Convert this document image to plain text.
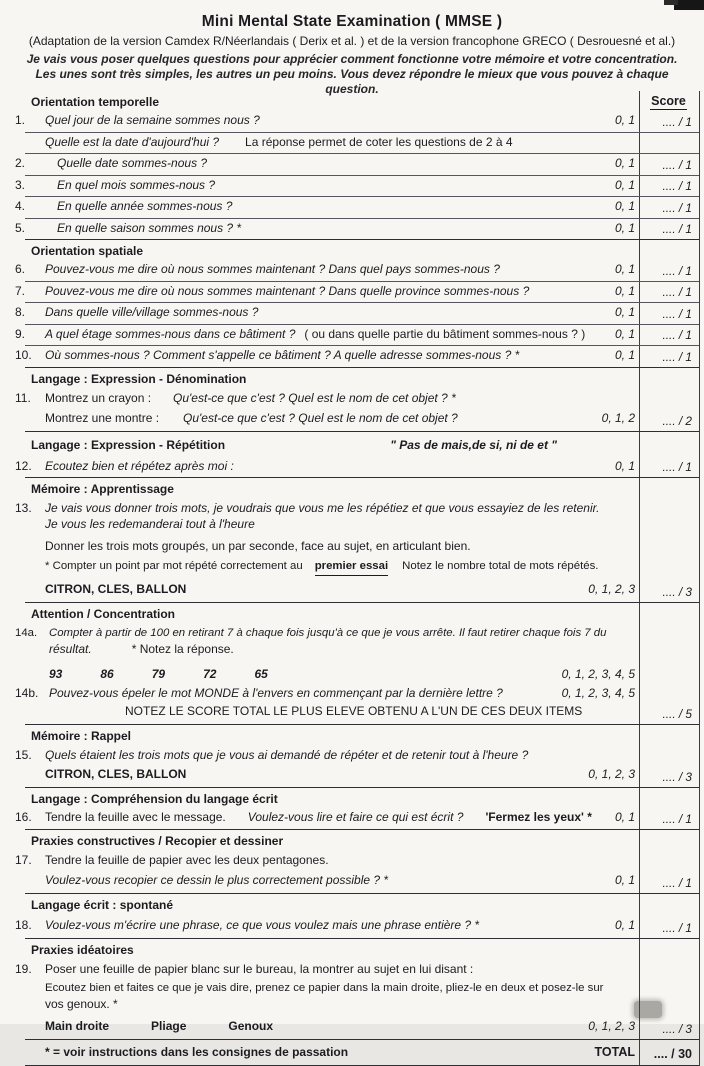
Mini Mental State Examination ( MMSE )
(Adaptation de la version Camdex R/Néerlandais ( Derix et al. ) et de la version francophone GRECO ( Desrouesné et al.)
Je vais vous poser quelques questions pour apprécier comment fonctionne votre mémoire et votre concentration. Les unes sont très simples, les autres un peu moins. Vous devez répondre le mieux que vous pouvez à chaque question.
Orientation temporelle	Score
1.	Quel jour de la semaine sommes nous ?	0, 1 .... / 1
Quelle est la date d'aujourd'hui ? La réponse permet de coter les questions de 2 à 4
2.	Quelle date sommes-nous ?	0, 1 .... / 1
3.	En quel mois sommes-nous ?	0, 1 .... / 1
4.	En quelle année sommes-nous ?	0, 1 .... / 1
5.	En quelle saison sommes nous ? *	0, 1 .... / 1
Orientation spatiale
6.	Pouvez-vous me dire où nous sommes maintenant ? Dans quel pays sommes-nous ?	0, 1 .... / 1
7.	Pouvez-vous me dire où nous sommes maintenant ? Dans quelle province sommes-nous ?	0, 1 .... / 1
8.	Dans quelle ville/village sommes-nous ?	0, 1 .... / 1
9.	A quel étage sommes-nous dans ce bâtiment ? ( ou dans quelle partie du bâtiment sommes-nous ? )	0, 1 .... / 1
10.	Où sommes-nous ? Comment s'appelle ce bâtiment ? A quelle adresse sommes-nous ? *	0, 1 .... / 1
Langage : Expression - Dénomination
11.	Montrez un crayon :	Qu'est-ce que c'est ? Quel est le nom de cet objet ? *
Montrez une montre :	Qu'est-ce que c'est ? Quel est le nom de cet objet ?	0, 1, 2 .... / 2
Langage : Expression - Répétition	" Pas de mais,de si, ni de et "
12.	Ecoutez bien et répétez après moi :	0, 1 .... / 1
Mémoire : Apprentissage
13.	Je vais vous donner trois mots, je voudrais que vous me les répétiez et que vous essayiez de les retenir.
Je vous les redemanderai tout à l'heure
Donner les trois mots groupés, un par seconde, face au sujet, en articulant bien.
* Compter un point par mot répété correctement au premier essai Notez le nombre total de mots répétés.
CITRON, CLES, BALLON	0, 1, 2, 3 .... / 3
Attention / Concentration
14a.	Compter à partir de 100 en retirant 7 à chaque fois jusqu'à ce que je vous arrête. Il faut retirer chaque fois 7 du
résultat.	* Notez la réponse.
93	86	79	72	65	0, 1, 2, 3, 4, 5
14b. Pouvez-vous épeler le mot MONDE à l'envers en commençant par la dernière lettre ?	0, 1, 2, 3, 4, 5
NOTEZ LE SCORE TOTAL LE PLUS ELEVE OBTENU A L'UN DE CES DEUX ITEMS	.... / 5
Mémoire : Rappel
15.	Quels étaient les trois mots que je vous ai demandé de répéter et de retenir tout à l'heure ?
CITRON, CLES, BALLON	0, 1, 2, 3 .... / 3
Langage : Compréhension du langage écrit
16.	Tendre la feuille avec le message. Voulez-vous lire et faire ce qui est écrit ? 'Fermez les yeux' *	0, 1 .... / 1
Praxies constructives / Recopier et dessiner
17.	Tendre la feuille de papier avec les deux pentagones.
Voulez-vous recopier ce dessin le plus correctement possible ? *	0, 1 .... / 1
Langage écrit : spontané
18.	Voulez-vous m'écrire une phrase, ce que vous voulez mais une phrase entière ? *	0, 1 .... / 1
Praxies idéatoires
19.	Poser une feuille de papier blanc sur le bureau, la montrer au sujet en lui disant :
Ecoutez bien et faites ce que je vais dire, prenez ce papier dans la main droite, pliez-le en deux et posez-le sur
vos genoux. *
Main droite	Pliage	Genoux	0, 1, 2, 3 .... / 3
* = voir instructions dans les consignes de passation	TOTAL .... / 30
